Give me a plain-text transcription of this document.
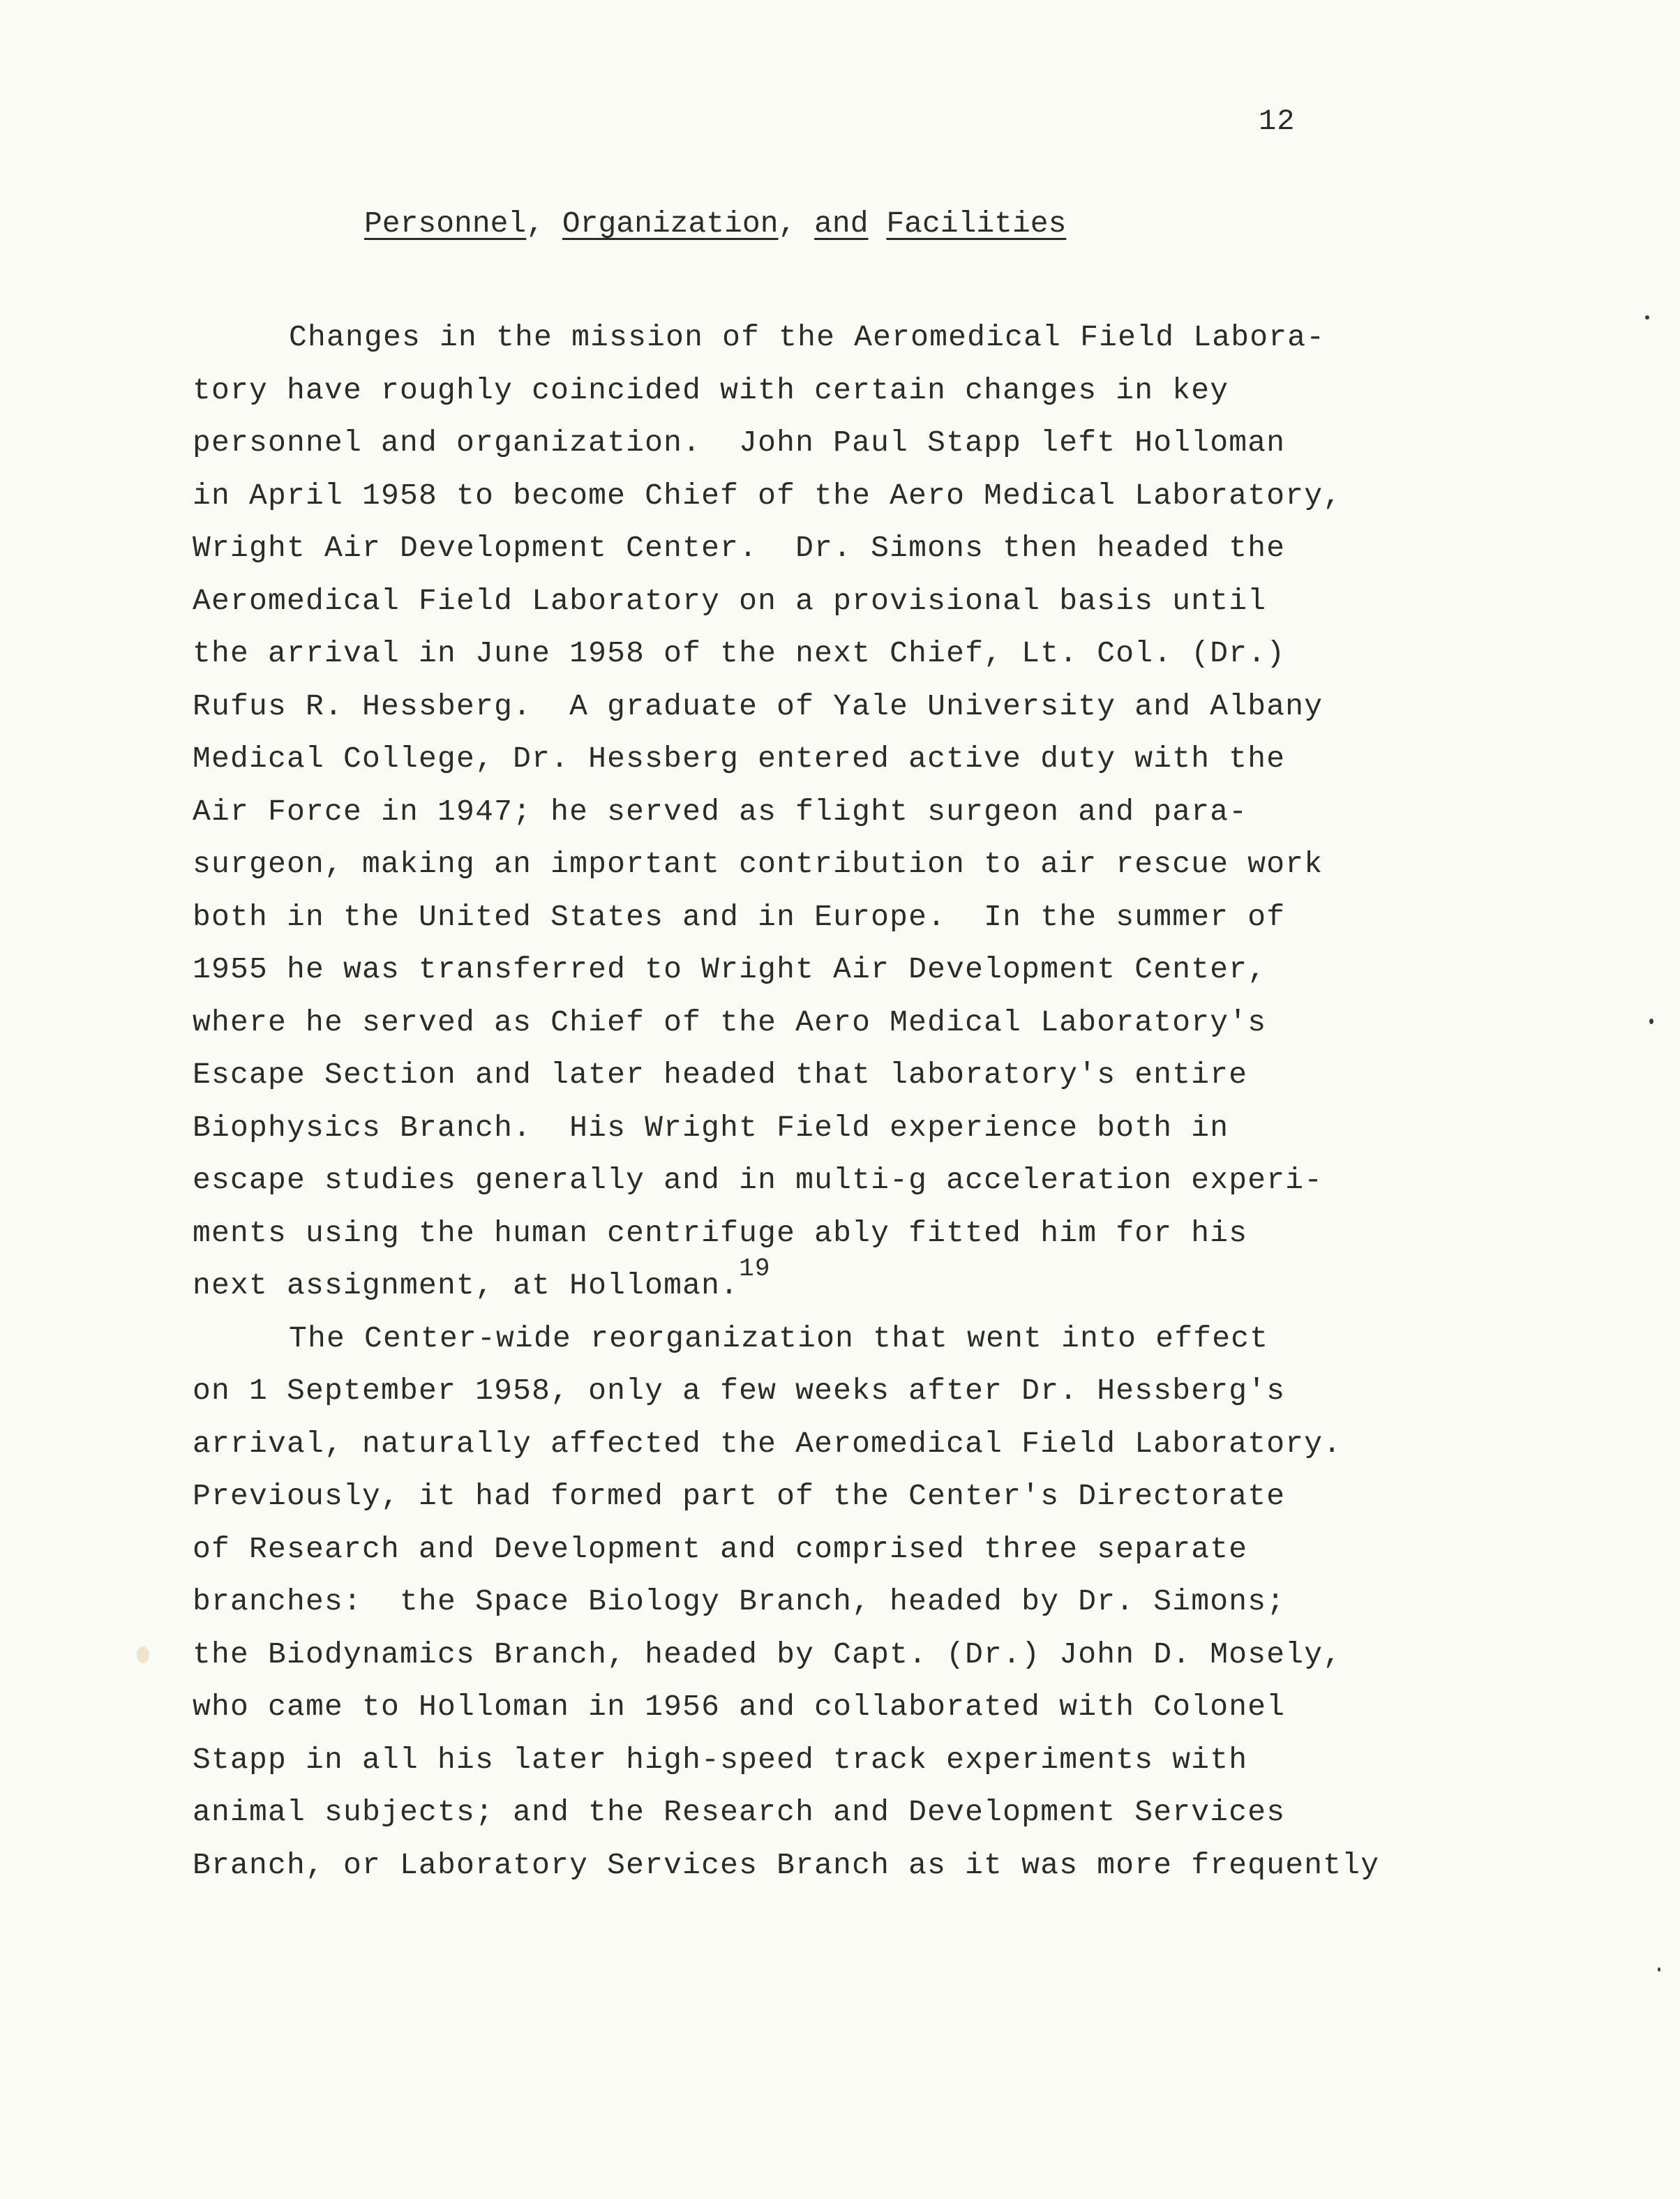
12
Personnel, Organization, and Facilities
Changes in the mission of the Aeromedical Field Labora-
tory have roughly coincided with certain changes in key
personnel and organization.  John Paul Stapp left Holloman
in April 1958 to become Chief of the Aero Medical Laboratory,
Wright Air Development Center.  Dr. Simons then headed the
Aeromedical Field Laboratory on a provisional basis until
the arrival in June 1958 of the next Chief, Lt. Col. (Dr.)
Rufus R. Hessberg.  A graduate of Yale University and Albany
Medical College, Dr. Hessberg entered active duty with the
Air Force in 1947; he served as flight surgeon and para-
surgeon, making an important contribution to air rescue work
both in the United States and in Europe.  In the summer of
1955 he was transferred to Wright Air Development Center,
where he served as Chief of the Aero Medical Laboratory's
Escape Section and later headed that laboratory's entire
Biophysics Branch.  His Wright Field experience both in
escape studies generally and in multi-g acceleration experi-
ments using the human centrifuge ably fitted him for his
next assignment, at Holloman.$^{19}$
The Center-wide reorganization that went into effect
on 1 September 1958, only a few weeks after Dr. Hessberg's
arrival, naturally affected the Aeromedical Field Laboratory.
Previously, it had formed part of the Center's Directorate
of Research and Development and comprised three separate
branches:  the Space Biology Branch, headed by Dr. Simons;
the Biodynamics Branch, headed by Capt. (Dr.) John D. Mosely,
who came to Holloman in 1956 and collaborated with Colonel
Stapp in all his later high-speed track experiments with
animal subjects; and the Research and Development Services
Branch, or Laboratory Services Branch as it was more frequently
